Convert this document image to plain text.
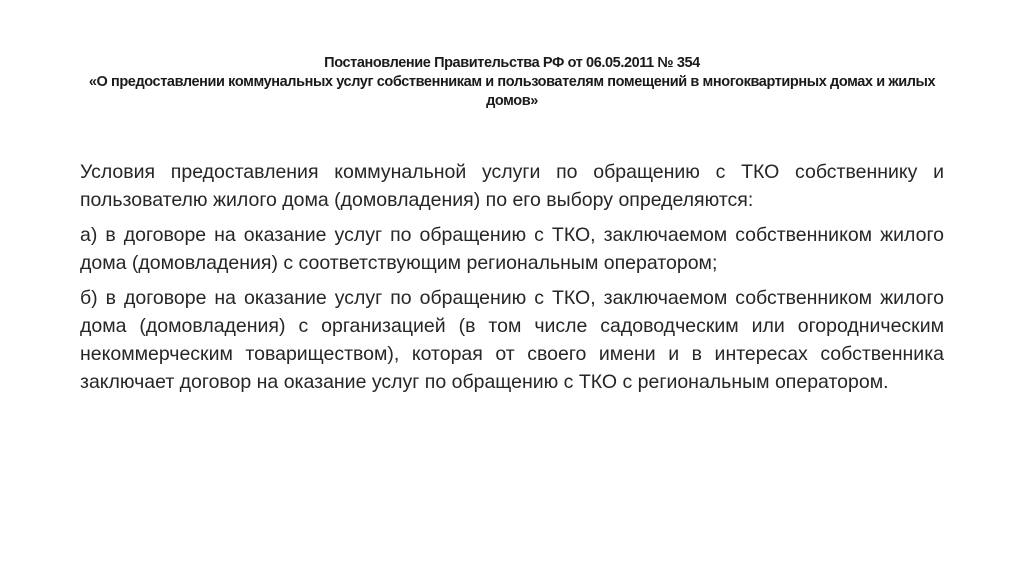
Постановление Правительства РФ от 06.05.2011 № 354
«О предоставлении коммунальных услуг собственникам и пользователям помещений в многоквартирных домах и жилых домов»

Условия предоставления коммунальной услуги по обращению с ТКО собственнику и пользователю жилого дома (домовладения) по его выбору определяются:

а) в договоре на оказание услуг по обращению с ТКО, заключаемом собственником жилого дома (домовладения) с соответствующим региональным оператором;

б) в договоре на оказание услуг по обращению с ТКО, заключаемом собственником жилого дома (домовладения) с организацией (в том числе садоводческим или огородническим некоммерческим товариществом), которая от своего имени и в интересах собственника заключает договор на оказание услуг по обращению с ТКО с региональным оператором.
